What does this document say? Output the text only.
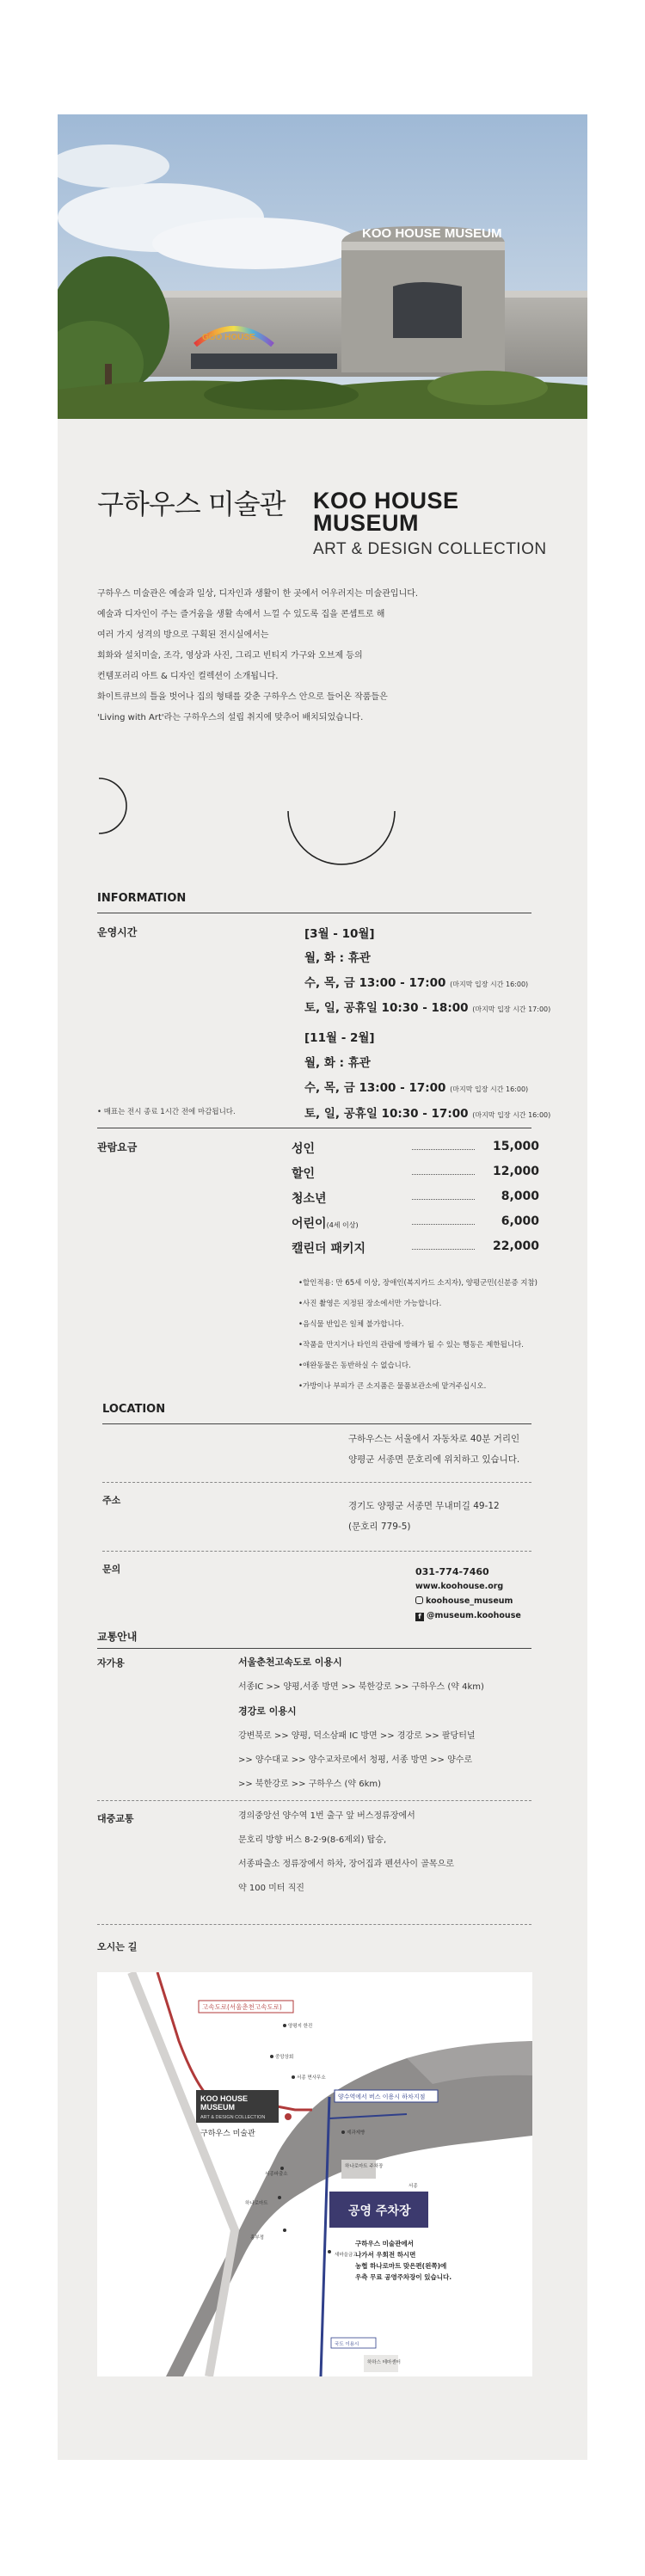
KOO HOUSE MUSEUM
GOO HOUSE
구하우스 미술관 KOO HOUSE
MUSEUM
ART & DESIGN COLLECTION

구하우스 미술관은 예술과 일상, 디자인과 생활이 한 곳에서 어우러지는 미술관입니다.

예술과 디자인이 주는 즐거움을 생활 속에서 느낄 수 있도록 집을 콘셉트로 해

여러 가지 성격의 방으로 구획된 전시실에서는

회화와 설치미술, 조각, 영상과 사진, 그리고 빈티지 가구와 오브제 등의

컨템포러리 아트 & 디자인 컬렉션이 소개됩니다.

화이트큐브의 틀을 벗어나 집의 형태를 갖춘 구하우스 안으로 들어온 작품들은

'Living with Art'라는 구하우스의 설립 취지에 맞추어 배치되었습니다.

INFORMATION
운영시간	[3월 - 10월]
월, 화 : 휴관
수, 목, 금 13:00 - 17:00 (마지막 입장 시간 16:00)
토, 일, 공휴일 10:30 - 18:00 (마지막 입장 시간 17:00)
[11월 - 2월]
월, 화 : 휴관
수, 목, 금 13:00 - 17:00 (마지막 입장 시간 16:00)
토, 일, 공휴일 10:30 - 17:00 (마지막 입장 시간 16:00)
• 매표는 전시 종료 1시간 전에 마감됩니다.
관람요금	성인	15,000
할인	12,000
청소년	8,000
어린이(4세 이상)	6,000
캘린더 패키지	22,000
•할인적용: 만 65세 이상, 장애인(복지카드 소지자), 양평군민(신분증 지참)
•사진 촬영은 지정된 장소에서만 가능합니다.
•음식물 반입은 일체 불가합니다.
•작품을 만지거나 타인의 관람에 방해가 될 수 있는 행동은 제한됩니다.
•애완동물은 동반하실 수 없습니다.
•가방이나 부피가 큰 소지품은 물품보관소에 맡겨주십시오.
LOCATION

구하우스는 서울에서 자동차로 40분 거리인

양평군 서종면 문호리에 위치하고 있습니다.

주소	경기도 양평군 서종면 무내미길 49-12

(문호리 779-5)

문의	031-774-7460

www.koohouse.org

koohouse_museum

f @museum.koohouse

교통안내
자가용	서울춘천고속도로 이용시
서종IC >> 양평,서종 방면 >> 북한강로 >> 구하우스 (약 4km)
경강로 이용시
강변북로 >> 양평, 덕소삼패 IC 방면 >> 경강로 >> 팔당터널
>> 양수대교 >> 양수교차로에서 청평, 서종 방면 >> 양수로
>> 북한강로 >> 구하우스 (약 6km)
대중교통	경의중앙선 양수역 1번 출구 앞 버스정류장에서
문호리 방향 버스 8-2·9(8-6제외) 탑승,
서종파출소 정류장에서 하차, 장어집과 펜션사이 골목으로
약 100 미터 직진
오시는 길
고속도로(서울춘천고속도로)
양수역에서 버스 이용시 하차지점
KOO HOUSE
MUSEUM
ART & DESIGN COLLECTION
구하우스 미술관
공영 주차장
구하우스 미술관에서
나가서 우회전 하시면
농협 하나로마트 맞은편(왼쪽)에
우측 무료 공영주차장이 있습니다.
양평지 한진
중앙상회
서종 면사무소
제과제빵
하나로마트 주차장
서종파출소
하나로마트
홍부정
새마을금고
국도 이용시
하하스 테마센터
서종
